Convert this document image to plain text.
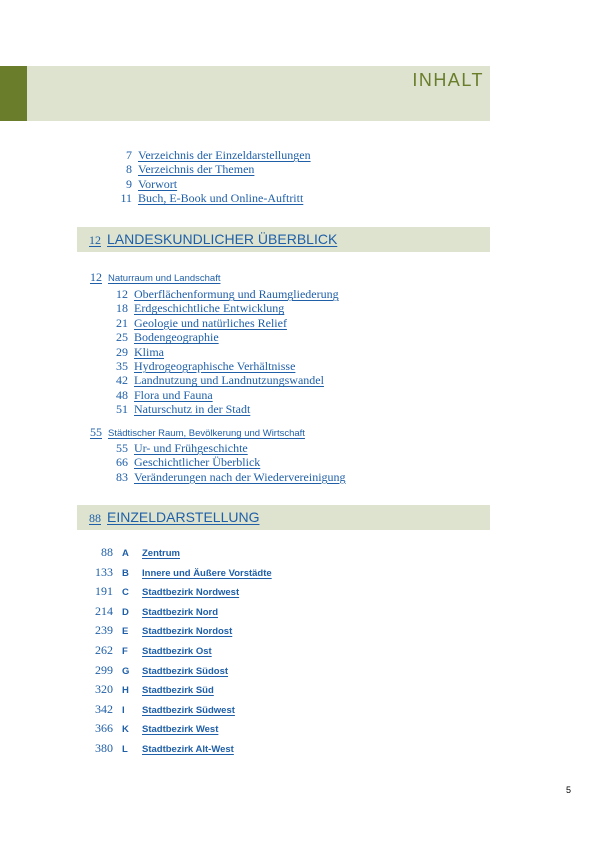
INHALT
7 Verzeichnis der Einzeldarstellungen
8 Verzeichnis der Themen
9 Vorwort
11 Buch, E-Book und Online-Auftritt
12 LANDESKUNDLICHER ÜBERBLICK
12 Naturraum und Landschaft
12 Oberflächenformung und Raumgliederung
18 Erdgeschichtliche Entwicklung
21 Geologie und natürliches Relief
25 Bodengeographie
29 Klima
35 Hydrogeographische Verhältnisse
42 Landnutzung und Landnutzungswandel
48 Flora und Fauna
51 Naturschutz in der Stadt
55 Städtischer Raum, Bevölkerung und Wirtschaft
55 Ur- und Frühgeschichte
66 Geschichtlicher Überblick
83 Veränderungen nach der Wiedervereinigung
88 EINZELDARSTELLUNG
88 A Zentrum
133 B Innere und Äußere Vorstädte
191 C Stadtbezirk Nordwest
214 D Stadtbezirk Nord
239 E Stadtbezirk Nordost
262 F Stadtbezirk Ost
299 G Stadtbezirk Südost
320 H Stadtbezirk Süd
342 I Stadtbezirk Südwest
366 K Stadtbezirk West
380 L Stadtbezirk Alt-West
5
